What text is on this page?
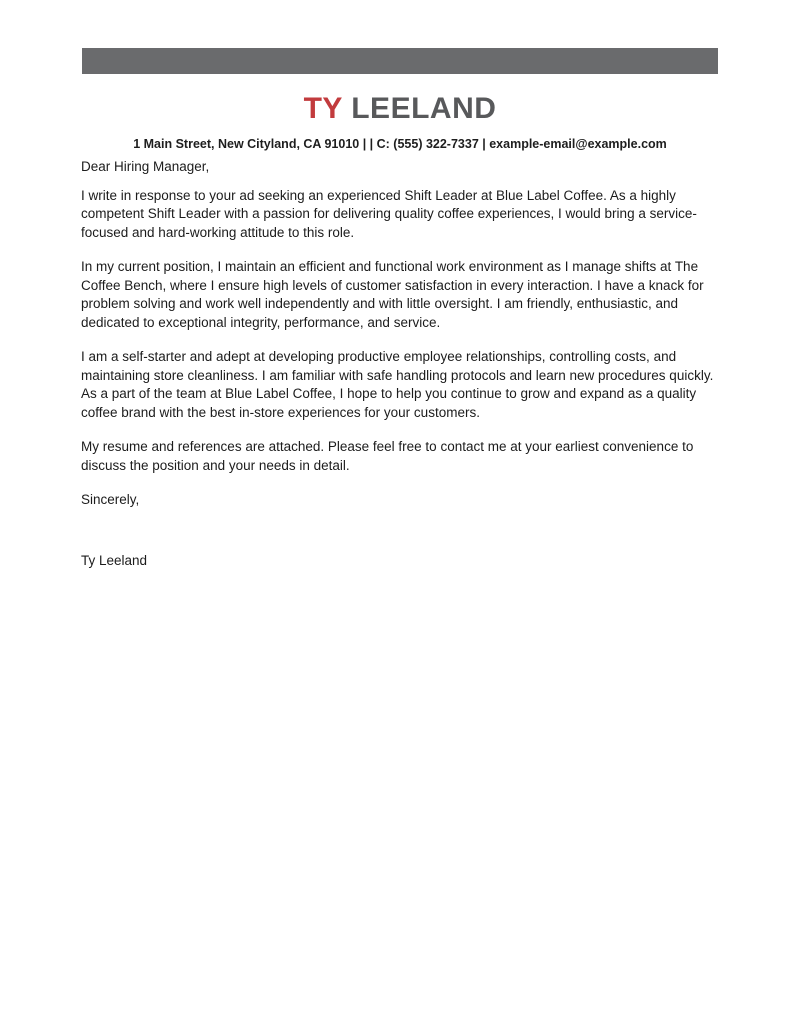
TY LEELAND
1 Main Street, New Cityland, CA 91010 | | C: (555) 322-7337 | example-email@example.com

Dear Hiring Manager,

I write in response to your ad seeking an experienced Shift Leader at Blue Label Coffee. As a highly competent Shift Leader with a passion for delivering quality coffee experiences, I would bring a service-focused and hard-working attitude to this role.

In my current position, I maintain an efficient and functional work environment as I manage shifts at The Coffee Bench, where I ensure high levels of customer satisfaction in every interaction. I have a knack for problem solving and work well independently and with little oversight. I am friendly, enthusiastic, and dedicated to exceptional integrity, performance, and service.

I am a self-starter and adept at developing productive employee relationships, controlling costs, and maintaining store cleanliness. I am familiar with safe handling protocols and learn new procedures quickly. As a part of the team at Blue Label Coffee, I hope to help you continue to grow and expand as a quality coffee brand with the best in-store experiences for your customers.

My resume and references are attached. Please feel free to contact me at your earliest convenience to discuss the position and your needs in detail.

Sincerely,

Ty Leeland
